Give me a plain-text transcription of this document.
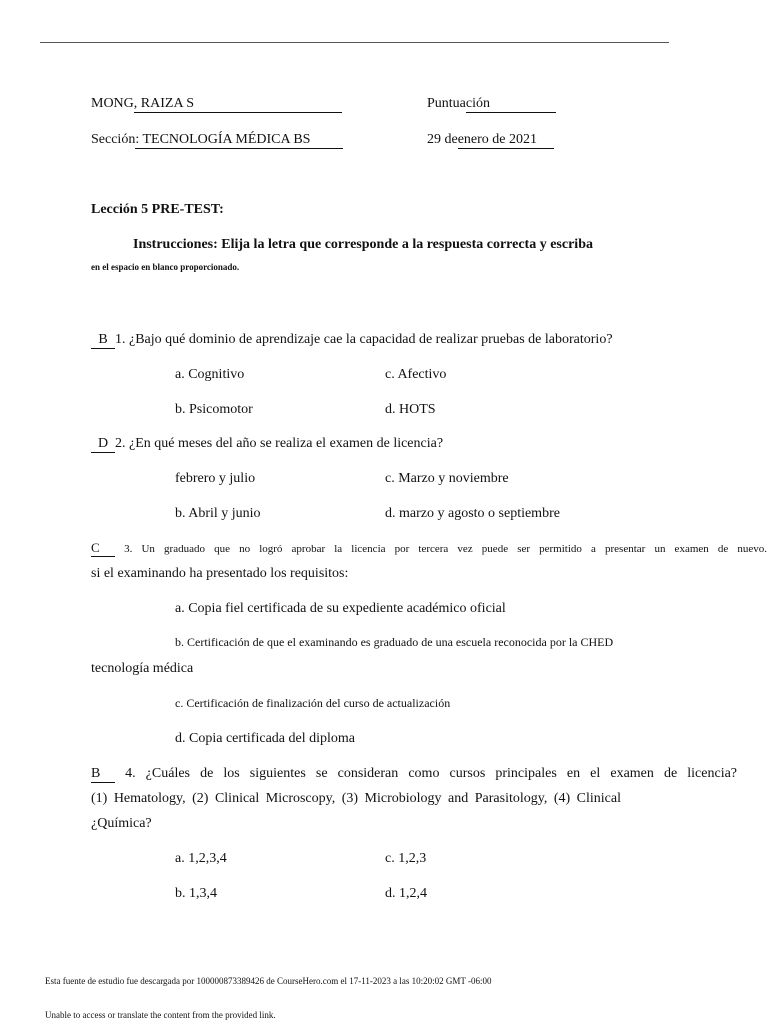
MONG, RAIZA S	Puntuación
Sección: TECNOLOGÍA MÉDICA BS	29 deenero de 2021
Lección 5 PRE-TEST:
Instrucciones: Elija la letra que corresponde a la respuesta correcta y escriba
en el espacio en blanco proporcionado.
B 1. ¿Bajo qué dominio de aprendizaje cae la capacidad de realizar pruebas de laboratorio?
a. Cognitivo	c. Afectivo
b. Psicomotor	d. HOTS
D 2. ¿En qué meses del año se realiza el examen de licencia?
febrero y julio	c. Marzo y noviembre
b. Abril y junio	d. marzo y agosto o septiembre
C 3. Un graduado que no logró aprobar la licencia por tercera vez puede ser permitido a presentar un examen de nuevo.
si el examinando ha presentado los requisitos:
a. Copia fiel certificada de su expediente académico oficial
b. Certificación de que el examinando es graduado de una escuela reconocida por la CHED
tecnología médica
c. Certificación de finalización del curso de actualización
d. Copia certificada del diploma
B 4. ¿Cuáles de los siguientes se consideran como cursos principales en el examen de licencia?
(1) Hematology, (2) Clinical Microscopy, (3) Microbiology and Parasitology, (4) Clinical
¿Química?
a. 1,2,3,4	c. 1,2,3
b. 1,3,4	d. 1,2,4
Esta fuente de estudio fue descargada por 100000873389426 de CourseHero.com el 17-11-2023 a las 10:20:02 GMT -06:00
Unable to access or translate the content from the provided link.
